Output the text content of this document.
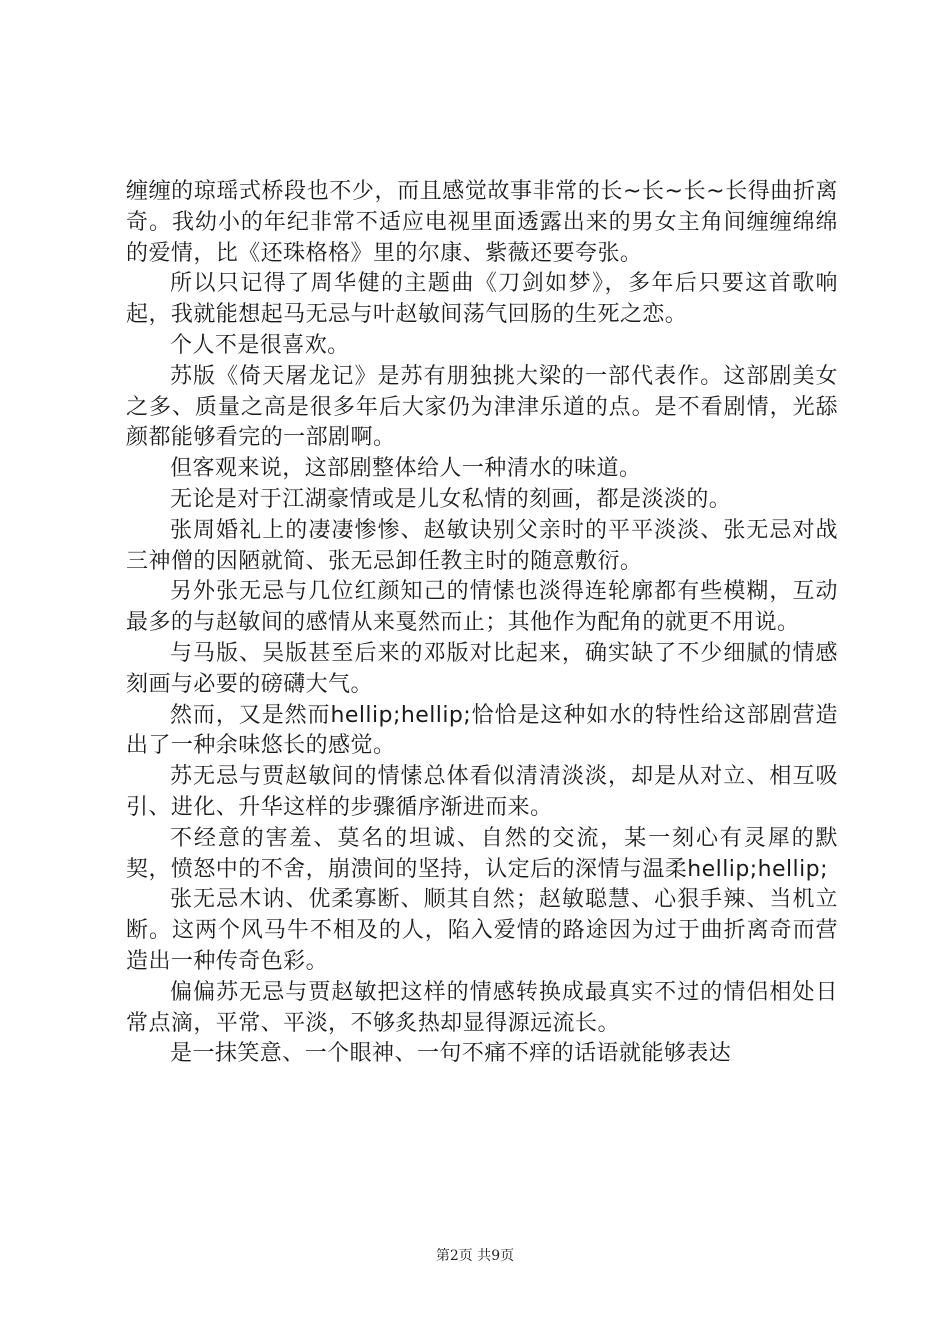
缠缠的琼瑶式桥段也不少，而且感觉故事非常的长~长~长~长得曲折离奇。我幼小的年纪非常不适应电视里面透露出来的男女主角间缠缠绵绵的爱情，比《还珠格格》里的尔康、紫薇还要夸张。

所以只记得了周华健的主题曲《刀剑如梦》，多年后只要这首歌响起，我就能想起马无忌与叶赵敏间荡气回肠的生死之恋。

个人不是很喜欢。

苏版《倚天屠龙记》是苏有朋独挑大梁的一部代表作。这部剧美女之多、质量之高是很多年后大家仍为津津乐道的点。是不看剧情，光舔颜都能够看完的一部剧啊。

但客观来说，这部剧整体给人一种清水的味道。

无论是对于江湖豪情或是儿女私情的刻画，都是淡淡的。

张周婚礼上的凄凄惨惨、赵敏诀别父亲时的平平淡淡、张无忌对战三神僧的因陋就简、张无忌卸任教主时的随意敷衍。

另外张无忌与几位红颜知己的情愫也淡得连轮廓都有些模糊，互动最多的与赵敏间的感情从来戛然而止；其他作为配角的就更不用说。

与马版、吴版甚至后来的邓版对比起来，确实缺了不少细腻的情感刻画与必要的磅礴大气。

然而，又是然而hellip;hellip;恰恰是这种如水的特性给这部剧营造出了一种余味悠长的感觉。

苏无忌与贾赵敏间的情愫总体看似清清淡淡，却是从对立、相互吸引、进化、升华这样的步骤循序渐进而来。

不经意的害羞、莫名的坦诚、自然的交流，某一刻心有灵犀的默契，愤怒中的不舍，崩溃间的坚持，认定后的深情与温柔hellip;hellip;

张无忌木讷、优柔寡断、顺其自然；赵敏聪慧、心狠手辣、当机立断。这两个风马牛不相及的人，陷入爱情的路途因为过于曲折离奇而营造出一种传奇色彩。

偏偏苏无忌与贾赵敏把这样的情感转换成最真实不过的情侣相处日常点滴，平常、平淡，不够炙热却显得源远流长。

是一抹笑意、一个眼神、一句不痛不痒的话语就能够表达

第2页 共9页
